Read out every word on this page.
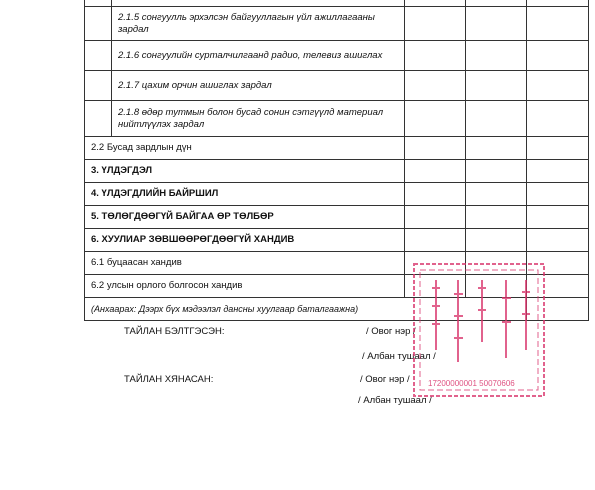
	2.1.5 сонгуулль эрхэлсэн байгууллагын үйл ажиллагааны зардал			
	2.1.6 сонгуулийн сурталчилгаанд радио, телевиз ашиглах			
	2.1.7 цахим орчин ашиглах зардал			
	2.1.8 өдөр тутмын болон бусад сонин сэтгүүлд материал нийтлүүлэх зардал			
2.2 Бусад зардлын дүн				
3. ҮЛДЭГДЭЛ				
4. ҮЛДЭГДЛИЙН БАЙРШИЛ				
5. ТӨЛӨГДӨӨГҮЙ БАЙГАА ӨР ТӨЛБӨР				
6. ХУУЛИАР ЗӨВШӨӨРӨГДӨӨГҮЙ ХАНДИВ				
6.1 буцаасан хандив				
6.2 улсын орлого болгосон хандив				
(Анхаарах: Дээрх бүх мэдээлэл дансны хуулгаар баталгаажна)				
ТАЙЛАН БЭЛТГЭСЭН:	/ Овог нэр /
/ Албан тушаал /
ТАЙЛАН ХЯНАСАН:	/ Овог нэр /
/ Албан тушаал /
17200000001 50070606
